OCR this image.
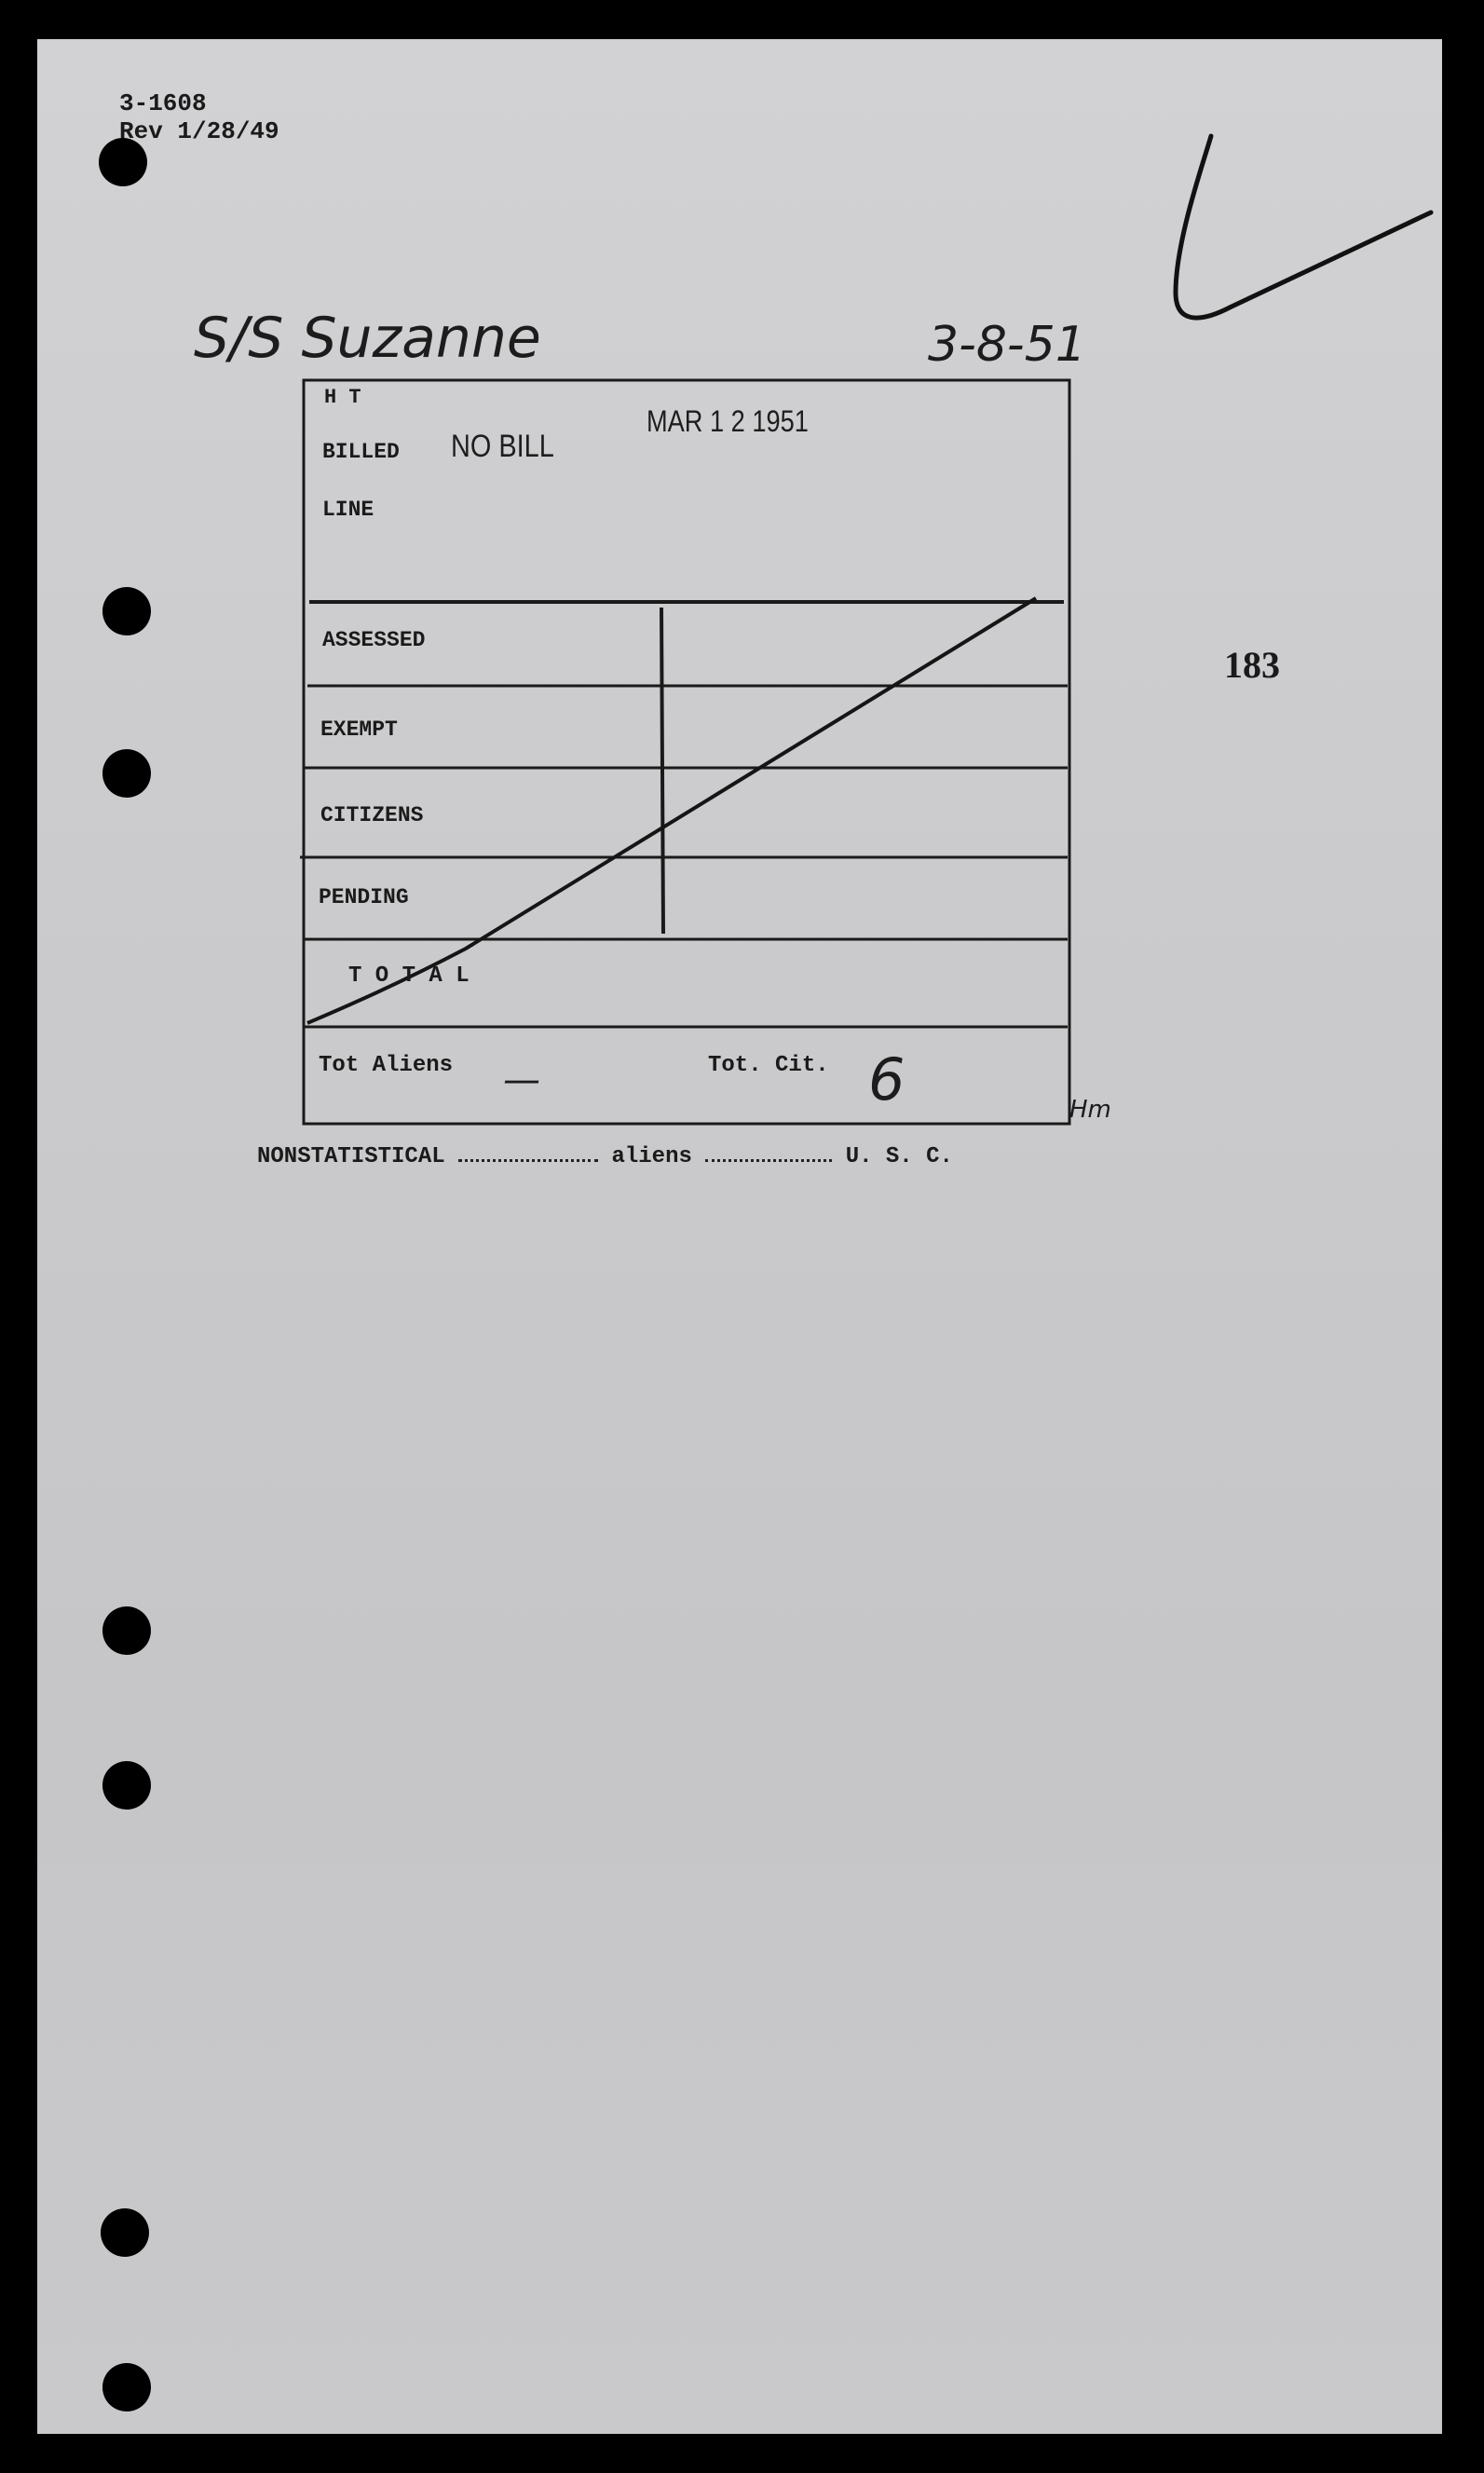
3-1608
Rev 1/28/49
S/S Suzanne	3-8-51
183
H T
BILLED
LINE
NO BILL
MAR 1 2 1951
ASSESSED
EXEMPT
CITIZENS
PENDING
T O T A L
Tot Aliens —	Tot. Cit. 6	Hm
NONSTATISTICAL	aliens	U. S. C.
